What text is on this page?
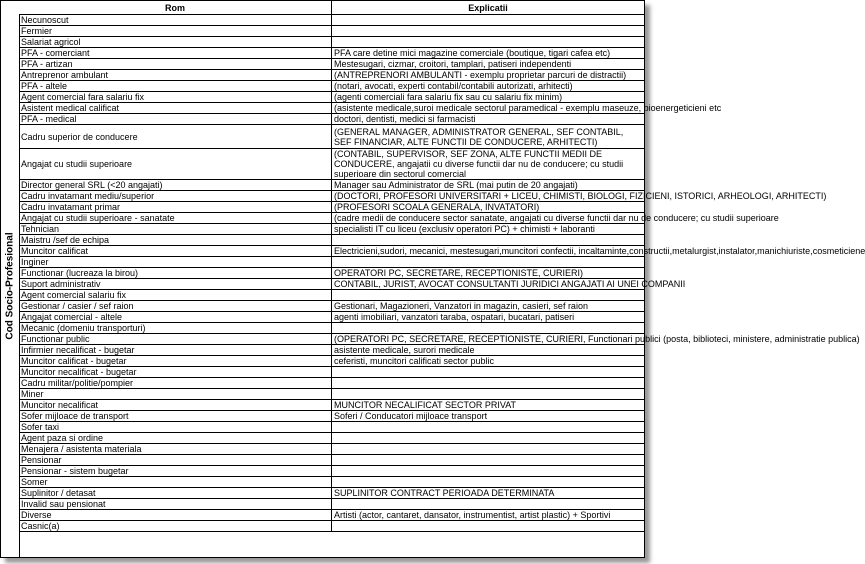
Cod Socio-Profesional
Rom	Explicatii
Necunoscut	
Fermier	
Salariat agricol	
PFA - comerciant	PFA care detine mici magazine comerciale (boutique, tigari cafea etc)
PFA - artizan	Mestesugari, cizmar, croitori, tamplari, patiseri independenti
Antreprenor ambulant	(ANTREPRENORI AMBULANTI - exemplu proprietar parcuri de distractii)
PFA - altele	(notari, avocati, experti contabil/contabili autorizati, arhitecti)
Agent comercial fara salariu fix	(agenti comerciali fara salariu fix sau cu salariu fix minim)
Asistent medical calificat	(asistente medicale,suroi medicale sectorul paramedical - exemplu maseuze, bioenergeticieni etc
PFA - medical	doctori, dentisti, medici si farmacisti
Cadru superior de conducere	(GENERAL MANAGER, ADMINISTRATOR GENERAL, SEF CONTABIL, SEF FINANCIAR, ALTE FUNCTII DE CONDUCERE, ARHITECTI)
Angajat cu studii superioare	(CONTABIL, SUPERVISOR, SEF ZONA, ALTE FUNCTII MEDII DE CONDUCERE, angajatii cu diverse functii dar nu de conducere; cu studii superioare din sectorul comercial
Director general SRL (<20 angajati)	Manager sau Administrator de SRL (mai putin de 20 angajati)
Cadru invatamant mediu/superior	(DOCTORI, PROFESORI UNIVERSITARI + LICEU, CHIMISTI, BIOLOGI, FIZICIENI, ISTORICI, ARHEOLOGI, ARHITECTI)
Cadru invatamant primar	(PROFESORI SCOALA GENERALA, INVATATORI)
Angajat cu studii superioare - sanatate	(cadre medii de conducere sector sanatate, angajati cu diverse functii dar nu de conducere; cu studii superioare
Tehnician	specialisti IT cu liceu (exclusiv operatori PC) + chimisti + laboranti
Maistru /sef de echipa	
Muncitor calificat	Electricieni,sudori, mecanici, mestesugari,muncitori confectii, incaltaminte,constructii,metalurgist,instalator,manichiuriste,cosmeticiene
Inginer	
Functionar (lucreaza la birou)	OPERATORI PC, SECRETARE, RECEPTIONISTE, CURIERI)
Suport administrativ	CONTABIL, JURIST, AVOCAT CONSULTANTI JURIDICI ANGAJATI AI UNEI COMPANII
Agent comercial salariu fix	
Gestionar / casier / sef raion	Gestionari, Magazioneri, Vanzatori in magazin, casieri, sef raion
Angajat comercial - altele	agenti imobiliari, vanzatori taraba, ospatari, bucatari, patiseri
Mecanic (domeniu transporturi)	
Functionar public	(OPERATORI PC, SECRETARE, RECEPTIONISTE, CURIERI, Functionari publici (posta, biblioteci, ministere, administratie publica)
Infirmier necalificat - bugetar	asistente medicale, surori medicale
Muncitor calificat - bugetar	ceferisti, muncitori calificati sector public
Muncitor necalificat - bugetar	
Cadru militar/politie/pompier	
Miner	
Muncitor necalificat	MUNCITOR NECALIFICAT SECTOR PRIVAT
Sofer mijloace de transport	Soferi / Conducatori mijloace transport
Sofer taxi	
Agent paza si ordine	
Menajera / asistenta materiala	
Pensionar	
Pensionar - sistem bugetar	
Somer	
Suplinitor / detasat	SUPLINITOR CONTRACT PERIOADA DETERMINATA
Invalid sau pensionat	
Diverse	Artisti (actor, cantaret, dansator, instrumentist, artist plastic) + Sportivi
Casnic(a)	
